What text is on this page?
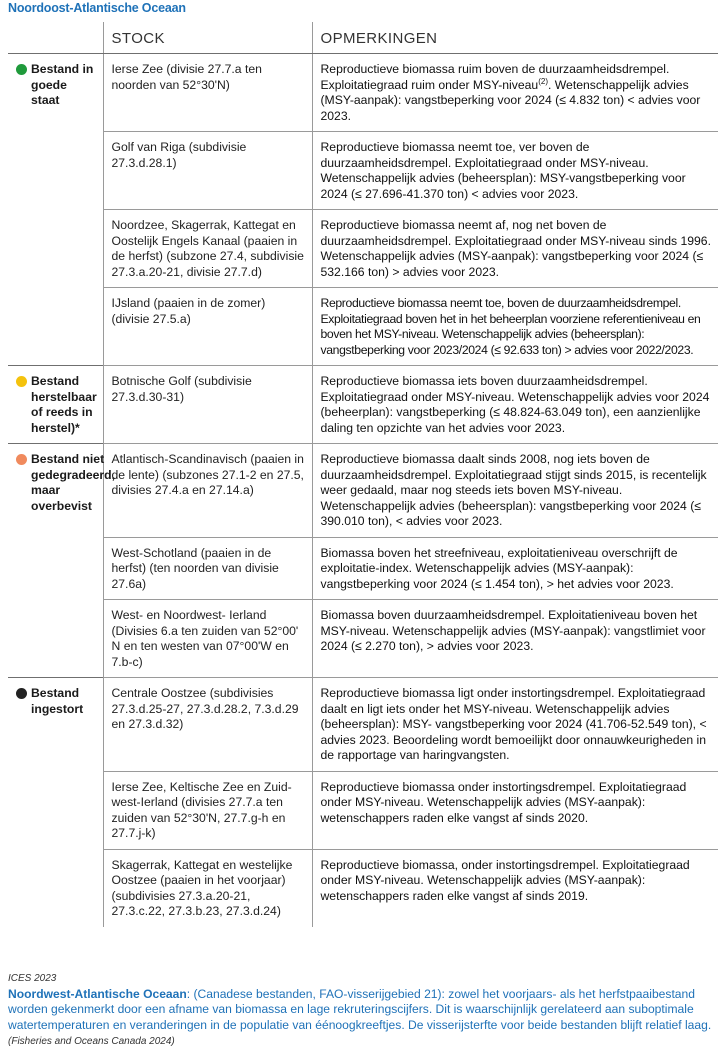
Noordoost-Atlantische Oceaan
	STOCK	OPMERKINGEN

Bestand in goede staat	Ierse Zee (divisie 27.7.a ten noorden van 52°30'N)	Reproductieve biomassa ruim boven de duurzaamheidsdrempel. Exploitatiegraad ruim onder MSY-niveau$^{(2)}$. Wetenschappelijk advies (MSY-aanpak): vangstbeperking voor 2024 (≤ 4.832 ton) < advies voor 2023.
	Golf van Riga (subdivisie 27.3.d.28.1)	Reproductieve biomassa neemt toe, ver boven de duurzaamheidsdrempel. Exploitatiegraad onder MSY-niveau. Wetenschappelijk advies (beheersplan): MSY-vangstbeperking voor 2024 (≤ 27.696-41.370 ton) < advies voor 2023.
	Noordzee, Skagerrak, Kattegat en Oostelijk Engels Kanaal (paaien in de herfst) (subzone 27.4, subdivisie 27.3.a.20-21, divisie 27.7.d)	Reproductieve biomassa neemt af, nog net boven de duurzaamheidsdrempel. Exploitatiegraad onder MSY-niveau sinds 1996. Wetenschappelijk advies (MSY-aanpak): vangstbeperking voor 2024 (≤ 532.166 ton) > advies voor 2023.
	IJsland (paaien in de zomer) (divisie 27.5.a)	Reproductieve biomassa neemt toe, boven de duurzaamheidsdrempel. Exploitatiegraad boven het in het beheerplan voorziene referentieniveau en boven het MSY-niveau. Wetenschappelijk advies (beheersplan): vangstbeperking voor 2023/2024 (≤ 92.633 ton) > advies voor 2022/2023.

Bestand herstelbaar of reeds in herstel)*	Botnische Golf (subdivisie 27.3.d.30-31)	Reproductieve biomassa iets boven duurzaamheidsdrempel. Exploitatiegraad onder MSY-niveau. Wetenschappelijk advies voor 2024 (beheerplan): vangstbeperking (≤ 48.824-63.049 ton), een aanzienlijke daling ten opzichte van het advies voor 2023.

Bestand niet gedegradeerd, maar overbevist	Atlantisch-Scandinavisch (paaien in de lente) (subzones 27.1-2 en 27.5, divisies 27.4.a en 27.14.a)	Reproductieve biomassa daalt sinds 2008, nog iets boven de duurzaamheidsdrempel. Exploitatiegraad stijgt sinds 2015, is recentelijk weer gedaald, maar nog steeds iets boven MSY-niveau. Wetenschappelijk advies (beheersplan): vangstbeperking voor 2024 (≤ 390.010 ton), < advies voor 2023.
	West-Schotland (paaien in de herfst) (ten noorden van divisie 27.6a)	Biomassa boven het streefniveau, exploitatieniveau overschrijft de exploitatie-index. Wetenschappelijk advies (MSY-aanpak): vangstbeperking voor 2024 (≤ 1.454 ton), > het advies voor 2023.
	West- en Noordwest- Ierland (Divisies 6.a ten zuiden van 52°00' N en ten westen van 07°00'W en 7.b-c)	Biomassa boven duurzaamheidsdrempel. Exploitatieniveau boven het MSY-niveau. Wetenschappelijk advies (MSY-aanpak): vangstlimiet voor 2024 (≤ 2.270 ton), > advies voor 2023.

Bestand ingestort	Centrale Oostzee (subdivisies 27.3.d.25-27, 27.3.d.28.2, 7.3.d.29 en 27.3.d.32)	Reproductieve biomassa ligt onder instortingsdrempel. Exploitatiegraad daalt en ligt iets onder het MSY-niveau. Wetenschappelijk advies (beheersplan): MSY- vangstbeperking voor 2024 (41.706-52.549 ton), < advies 2023. Beoordeling wordt bemoeilijkt door onnauwkeurigheden in de rapportage van haringvangsten.
	Ierse Zee, Keltische Zee en Zuid-west-Ierland (divisies 27.7.a ten zuiden van 52°30'N, 27.7.g-h en 27.7.j-k)	Reproductieve biomassa onder instortingsdrempel. Exploitatiegraad onder MSY-niveau. Wetenschappelijk advies (MSY-aanpak): wetenschappers raden elke vangst af sinds 2020.
	Skagerrak, Kattegat en westelijke Oostzee (paaien in het voorjaar) (subdivisies 27.3.a.20-21, 27.3.c.22, 27.3.b.23, 27.3.d.24)	Reproductieve biomassa, onder instortingsdrempel. Exploitatiegraad onder MSY-niveau. Wetenschappelijk advies (MSY-aanpak): wetenschappers raden elke vangst af sinds 2019.
ICES 2023
Noordwest-Atlantische Oceaan: (Canadese bestanden, FAO-visserijgebied 21): zowel het voorjaars- als het herfstpaaibestand worden gekenmerkt door een afname van biomassa en lage rekruteringscijfers. Dit is waarschijnlijk gerelateerd aan suboptimale watertemperaturen en veranderingen in de populatie van éénoogkreeftjes. De visserijsterfte voor beide bestanden blijft relatief laag. (Fisheries and Oceans Canada 2024)
